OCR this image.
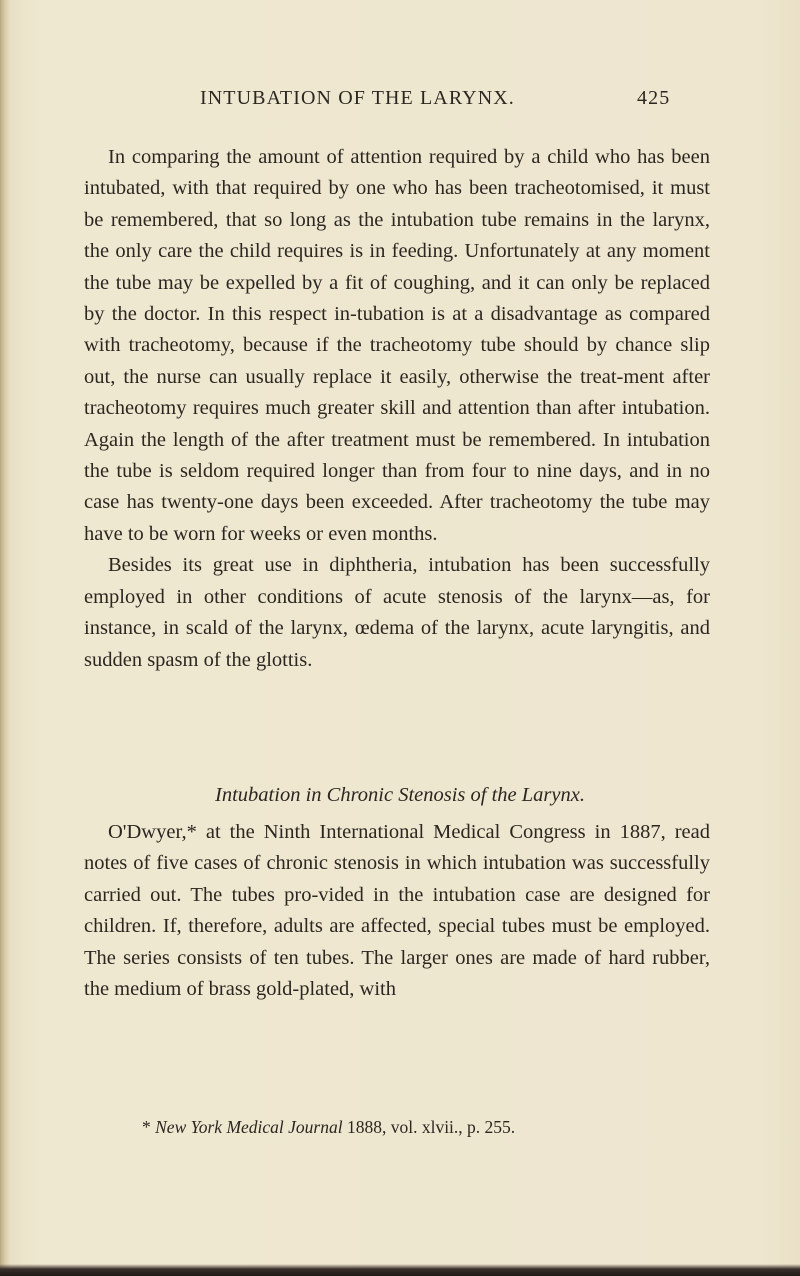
INTUBATION OF THE LARYNX.	425

In comparing the amount of attention required by a child who has been intubated, with that required by one who has been tracheotomised, it must be remembered, that so long as the intubation tube remains in the larynx, the only care the child requires is in feeding. Unfortunately at any moment the tube may be expelled by a fit of coughing, and it can only be replaced by the doctor. In this respect in-tubation is at a disadvantage as compared with tracheotomy, because if the tracheotomy tube should by chance slip out, the nurse can usually replace it easily, otherwise the treat-ment after tracheotomy requires much greater skill and attention than after intubation. Again the length of the after treatment must be remembered. In intubation the tube is seldom required longer than from four to nine days, and in no case has twenty-one days been exceeded. After tracheotomy the tube may have to be worn for weeks or even months.

Besides its great use in diphtheria, intubation has been successfully employed in other conditions of acute stenosis of the larynx—as, for instance, in scald of the larynx, œdema of the larynx, acute laryngitis, and sudden spasm of the glottis.

Intubation in Chronic Stenosis of the Larynx.

O'Dwyer,* at the Ninth International Medical Congress in 1887, read notes of five cases of chronic stenosis in which intubation was successfully carried out. The tubes pro-vided in the intubation case are designed for children. If, therefore, adults are affected, special tubes must be employed. The series consists of ten tubes. The larger ones are made of hard rubber, the medium of brass gold-plated, with

* New York Medical Journal 1888, vol. xlvii., p. 255.
